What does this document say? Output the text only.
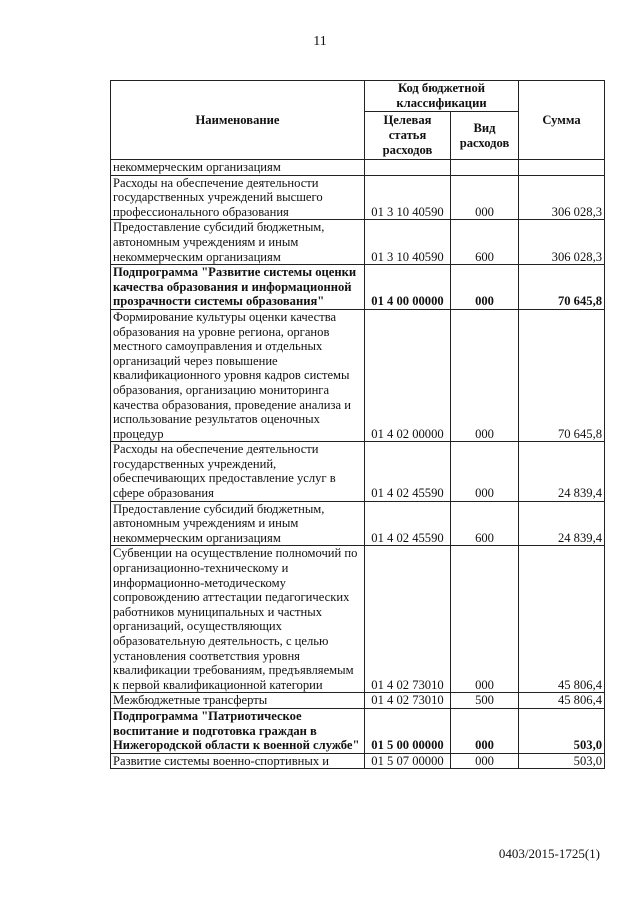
11
Наименование	Код бюджетной классификации		Сумма
	Целевая статья расходов	Вид расходов	
некоммерческим организациям			
Расходы на обеспечение деятельности государственных учреждений высшего профессионального образования	01 3 10 40590	000	306 028,3
Предоставление субсидий бюджетным, автономным учреждениям и иным некоммерческим организациям	01 3 10 40590	600	306 028,3
Подпрограмма "Развитие системы оценки качества образования и информационной прозрачности системы образования"	01 4 00 00000	000	70 645,8
Формирование культуры оценки качества образования на уровне региона, органов местного самоуправления и отдельных организаций через повышение квалификационного уровня кадров системы образования, организацию мониторинга качества образования, проведение анализа и использование результатов оценочных процедур	01 4 02 00000	000	70 645,8
Расходы на обеспечение деятельности государственных учреждений, обеспечивающих предоставление услуг в сфере образования	01 4 02 45590	000	24 839,4
Предоставление субсидий бюджетным, автономным учреждениям и иным некоммерческим организациям	01 4 02 45590	600	24 839,4
Субвенции на осуществление полномочий по организационно-техническому и информационно-методическому сопровождению аттестации педагогических работников муниципальных и частных организаций, осуществляющих образовательную деятельность, с целью установления соответствия уровня квалификации требованиям, предъявляемым к первой квалификационной категории	01 4 02 73010	000	45 806,4
Межбюджетные трансферты	01 4 02 73010	500	45 806,4
Подпрограмма "Патриотическое воспитание и подготовка граждан в Нижегородской области к военной службе"	01 5 00 00000	000	503,0
Развитие системы военно-спортивных и	01 5 07 00000	000	503,0
0403/2015-1725(1)
